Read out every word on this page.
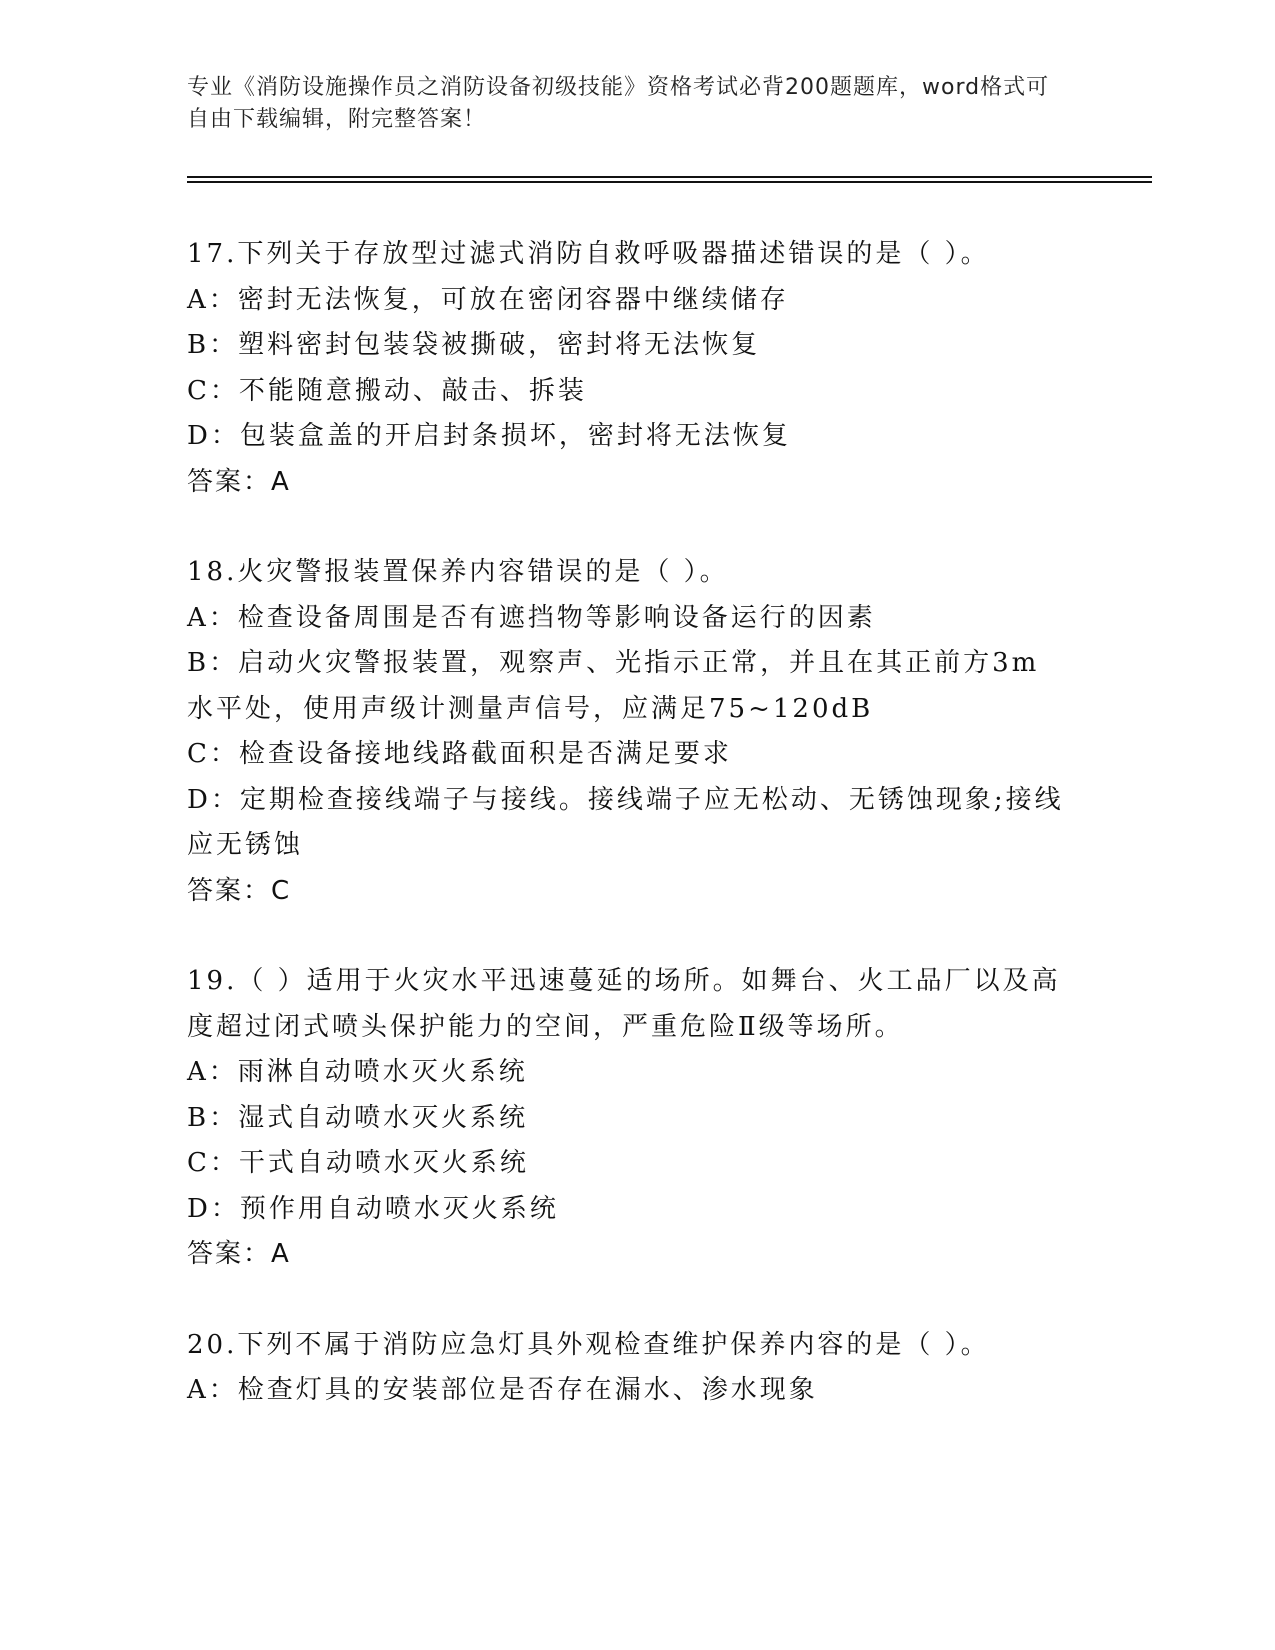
专业《消防设施操作员之消防设备初级技能》资格考试必背200题题库，word格式可自由下载编辑，附完整答案！
17.下列关于存放型过滤式消防自救呼吸器描述错误的是（ ）。
A：密封无法恢复，可放在密闭容器中继续储存
B：塑料密封包装袋被撕破，密封将无法恢复
C：不能随意搬动、敲击、拆装
D：包装盒盖的开启封条损坏，密封将无法恢复
答案：A
18.火灾警报装置保养内容错误的是（ ）。
A：检查设备周围是否有遮挡物等影响设备运行的因素
B：启动火灾警报装置，观察声、光指示正常，并且在其正前方3m水平处，使用声级计测量声信号，应满足75~120dB
C：检查设备接地线路截面积是否满足要求
D：定期检查接线端子与接线。接线端子应无松动、无锈蚀现象;接线应无锈蚀
答案：C
19.（ ）适用于火灾水平迅速蔓延的场所。如舞台、火工品厂以及高度超过闭式喷头保护能力的空间，严重危险Ⅱ级等场所。
A：雨淋自动喷水灭火系统
B：湿式自动喷水灭火系统
C：干式自动喷水灭火系统
D：预作用自动喷水灭火系统
答案：A
20.下列不属于消防应急灯具外观检查维护保养内容的是（ ）。
A：检查灯具的安装部位是否存在漏水、渗水现象
